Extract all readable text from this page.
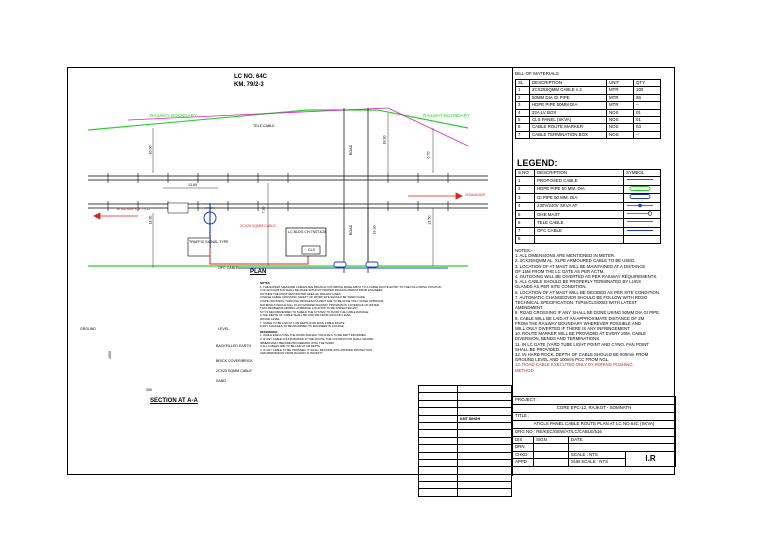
LC NO. 64C
KM. 79/2-3
RAILWAY BOUNDARY	RAILWAY BOUNDARY
TELE CABLE
ROAD
ROAD
JETALSAR KM 77/12
VISAVADAR
2CX25 SQMM CABLE
LC BLDG CH:79/27&28
CLS
TRAFFIC SIGNAL TYPE
OFC CABLE
PLAN
13.50
10.00
11.30
7.30
18.30
6.70
21.50
13.30
GROUND	LEVEL
BACKFILLED EARTH
BRICK COVER/BRICK
2CX25 SQMM CABLE
SAND
350
1000
SECTION AT A-A
NOTES:
1. THE EXPERT MEASURE CABLES ARE BRANCH OUT/ABOVE PANELS/BOX TO A CABLE ROUTE ENTRY TO THE FOLLOWING POSITION
2.NO EXCAVATION SHALL BE MADE WITHOUT PROPER DIGGING PERMIT FROM ENGINEER
OUTSIDE THE MOST RESTRICTED AREA OF RAILWAY LINES
3.WHILE CABLE CROSSING SAFETY OF WORK SITE SHOULD BE TAKEN CARE
4.PIPE CROSSING THROUGH BRIDGES/CULVERT ARE TO BE DONE ONLY AFTER APPROVAL
MATERIALS WHICH FALL IN AUTHORIZED RAILWAY PROGRAM IN COVERAGE OF WATER
THAT PROBLEMS ARISING AT BRIDGE LOCATION TO BE INSPECTED ANY
5.IT IS RECOMMENDED TO SHIELD THE SYSTEM TO AVOID THE CABLE DAMAGE
6.THE DEPTH OF CABLE SHALL BE 1000 MM FROM GROUND LEVEL
ROUND LEVEL
7. CABLE TO BE LAID AT 1.0M DEPTH FOR MAIN CABLE ROUTE
8.ANY CHANGES TO BE INFORMED TO ENGINEER IN-CHARGE
REFERENCE:
1. WHILE EXECUTING THE WORK RAILWAY OFFICIALS TO BE KEPT INFORMED
2. IF ANY CABLE FOUND BURIED IN THE ROUTE, THE CONTRACTOR SHALL INFORM
IMMEDIATELY BEFORE PROCEEDING WITH THE WORK.
3.ALL CABLES ARE TO BE LAID AT 1M DEPTH
4. IF ANY CABLE TO BE CROSSED, IT SHALL BE DONE WITH PROPER PROTECTION
AND PERMISSION FROM RAILWAY AUTHORITY

	KMT SINGH

BILL OF MATERIALS
SL	DESCRIPTION	UNIT	QTY
1	2CX25SQMM CABLE x 2	MTR	100
2	50MM DIA GI PIPE	MTR	86
3	HDPE PIPE 50MM DIA	MTR	--
4	32A LV BOX	NOS	01
5	CLS PANEL (SKVA)	NOS	01
6	CABLE ROUTE MARKER	NOS	03
7	CABLE TERMINATION BOX	NOS	--
LEGEND:
S.NO	DESCRIPTION	SYMBOL
1	PROPOSED CABLE	
2	HDPE PIPE 50 MM. DIA	
3	GI PIPE 50 MM. DIA	
4	230V/240V SKVA AT	
5	OHE MAST	
6	TELE CABLE	
7	OFC CABLE	
8		
NOTES:-
1. ALL DIMENSIONS ARE MENTIONED IN METER.
2. 2CX25SQMM AL. XLPE ARMOURED CABLE TO BE USED.
3. LOCATION OF AT MAST WILL BE MAINTAINED AT A DISTANCE
OF 15M FROM THE LC GATE AS PER ACTM.
4. OUTGOING WILL BE DIVERTED AS PER RAILWAY REQUIREMENTS.
5. ALL CABLE SHOULD BE PROPERLY TERMINATED BY LUGS
GLANDS AS PER SITE CONDITION.
6. LOCATION OF AT MAST WILL BE DECIDED AS PER SITE CONDITION.
7. AUTOMATIC CHANGEOVER SHOULD BE FOLLOW WITH RDSO
TECHNICAL SPECIFICATION: TI/PSI/CLS/0003 WITH LATEST
AMENDMENT.
8. ROAD CROSSING IF ANY SHALL BE DONE USING 50MM DIA GI PIPE.
9. CABLE WILL BE LAID AT AN APPROXIMATE DISTANCE OF 2M
FROM THE RAILWAY BOUNDARY WHEREVER POSSIBLE AND
WILL ONLY DIVERTED IF THERE IS ANY INFRINGEMENT
10. ROUTE MARKER WILL BE PROVIDED AT EVERY 20M, CABLE
DIVERSION, BENDS AND TERMINATIONS.
11. IN LC GATE (YARD TUBE LIGHT POINT AND CYNO. FAN POINT
SHALL BE PROVIDED.
12. IN HARD ROCK, DEPTH OF CABLE SHOULD BE 500mm FROM
GROUND LEVEL AND 100mm PCC FROM NGL.
13. ROAD CABLE EXECUTED ONLY BY BORING PUSHING
METHOD
PROJECT :			
CORE EPC-12, RAJKOT - SOMNATH			
TITLE :			
AT/CLS PANEL CABLE ROUTE PLAN AT LC NO.64C (SKVA)			
DRG NO : RE/KEC/GEW/AT/LC/CABLE/516			
DIS	SIGN	DATE	
DRN			
CHKD		SCALE : NTS	I.R
APPD		SUB SCALE : NTS	
